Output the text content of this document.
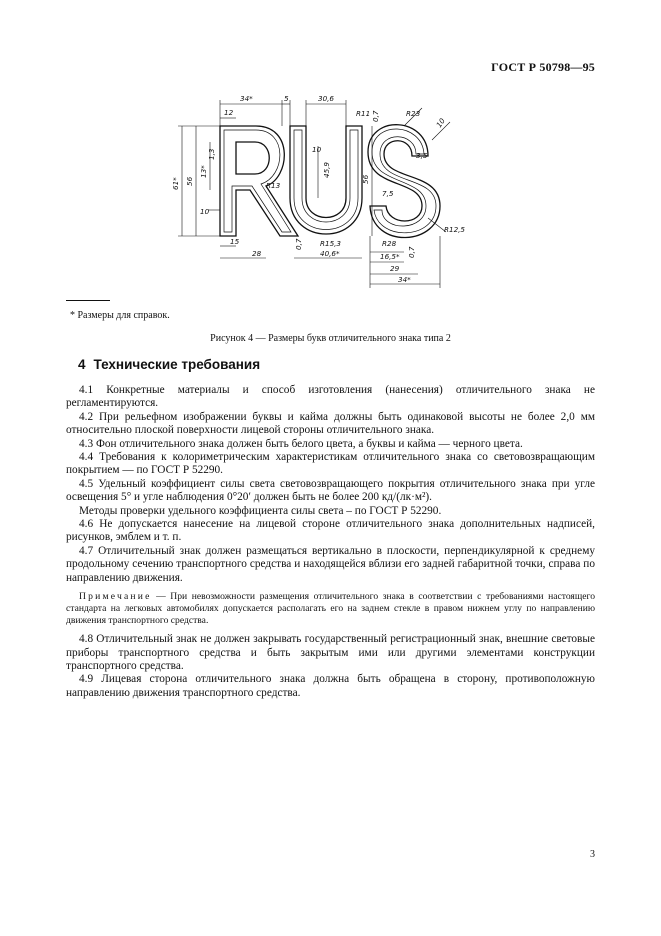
ГОСТ Р 50798—95
34*	5	30,6
12	R11 0,7	R23
10
3,5
10
45,9
56
7,5
61* 56
13*
1,3
R13
10
0,7 R15,3
40,6*
15
28
R28
16,5* 0,7
29
34*
R12,5
* Размеры для справок.
Рисунок 4 — Размеры букв отличительного знака типа 2
4 Технические требования

4.1 Конкретные материалы и способ изготовления (нанесения) отличительного знака не регламентируются.

4.2 При рельефном изображении буквы и кайма должны быть одинаковой высоты не более 2,0 мм относительно плоской поверхности лицевой стороны отличительного знака.

4.3 Фон отличительного знака должен быть белого цвета, а буквы и кайма — черного цвета.

4.4 Требования к колориметрическим характеристикам отличительного знака со световозвращающим покрытием — по ГОСТ Р 52290.

4.5 Удельный коэффициент силы света световозвращающего покрытия отличительного знака при угле освещения 5° и угле наблюдения 0°20′ должен быть не более 200 кд/(лк·м²).

Методы проверки удельного коэффициента силы света – по ГОСТ Р 52290.

4.6 Не допускается нанесение на лицевой стороне отличительного знака дополнительных надписей, рисунков, эмблем и т. п.

4.7 Отличительный знак должен размещаться вертикально в плоскости, перпендикулярной к среднему продольному сечению транспортного средства и находящейся вблизи его задней габаритной точки, справа по направлению движения.

Примечание — При невозможности размещения отличительного знака в соответствии с требованиями настоящего стандарта на легковых автомобилях допускается располагать его на заднем стекле в правом нижнем углу по направлению движения транспортного средства.

4.8 Отличительный знак не должен закрывать государственный регистрационный знак, внешние световые приборы транспортного средства и быть закрытым ими или другими элементами конструкции транспортного средства.

4.9 Лицевая сторона отличительного знака должна быть обращена в сторону, противоположную направлению движения транспортного средства.

3
